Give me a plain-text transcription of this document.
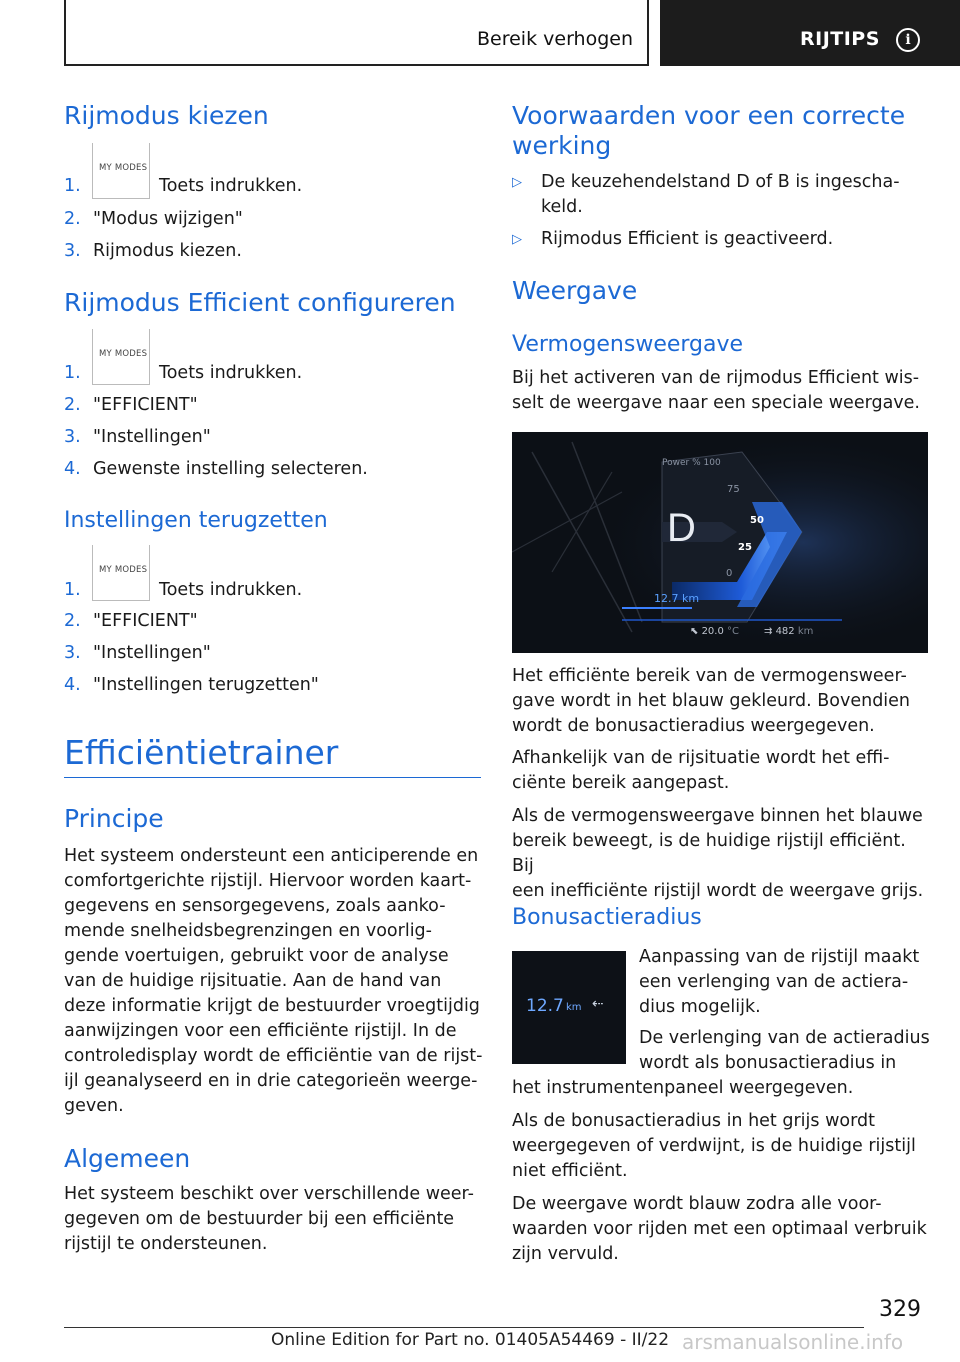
Bereik verhogen	RIJTIPS	i
Rijmodus kiezen
MY MODES
1.	Toets indrukken.
2. "Modus wijzigen"
3. Rijmodus kiezen.
Rijmodus Efficient configureren
MY MODES
1.	Toets indrukken.
2. "EFFICIENT"
3. "Instellingen"
4. Gewenste instelling selecteren.
Instellingen terugzetten
MY MODES
1.	Toets indrukken.
2. "EFFICIENT"
3. "Instellingen"
4. "Instellingen terugzetten"
Efficiëntietrainer
Principe
Het systeem ondersteunt een anticiperende en
comfortgerichte rijstijl. Hiervoor worden kaart-
gegevens en sensorgegevens, zoals aanko-
mende snelheidsbegrenzingen en voorlig-
gende voertuigen, gebruikt voor de analyse
van de huidige rijsituatie. Aan de hand van
deze informatie krijgt de bestuurder vroegtijdig
aanwijzingen voor een efficiënte rijstijl. In de
controledisplay wordt de efficiëntie van de rijst-
ijl geanalyseerd en in drie categorieën weerge-
geven.
Algemeen
Het systeem beschikt over verschillende weer-
gegeven om de bestuurder bij een efficiënte
rijstijl te ondersteunen.
Voorwaarden voor een correcte
werking
▷ De keuzehendelstand D of B is ingescha-
keld.
▷ Rijmodus Efficient is geactiveerd.
Weergave
Vermogensweergave
Bij het activeren van de rijmodus Efficient wis-
selt de weergave naar een speciale weergave.
Power % 100
75
50
25
0
D
12.7 km
⬉ 20.0 °C	⇉ 482 km
Het efficiënte bereik van de vermogensweer-
gave wordt in het blauw gekleurd. Bovendien
wordt de bonusactieradius weergegeven.
Afhankelijk van de rijsituatie wordt het effi-
ciënte bereik aangepast.
Als de vermogensweergave binnen het blauwe
bereik beweegt, is de huidige rijstijl efficiënt. Bij
een inefficiënte rijstijl wordt de weergave grijs.
Bonusactieradius
12.7 km ⇠
Aanpassing van de rijstijl maakt
een verlenging van de actiera-
dius mogelijk.
De verlenging van de actieradius
wordt als bonusactieradius in
het instrumentenpaneel weergegeven.
Als de bonusactieradius in het grijs wordt
weergegeven of verdwijnt, is de huidige rijstijl
niet efficiënt.
De weergave wordt blauw zodra alle voor-
waarden voor rijden met een optimaal verbruik
zijn vervuld.
329
Online Edition for Part no. 01405A54469 - II/22 arsmanualsonline.info
